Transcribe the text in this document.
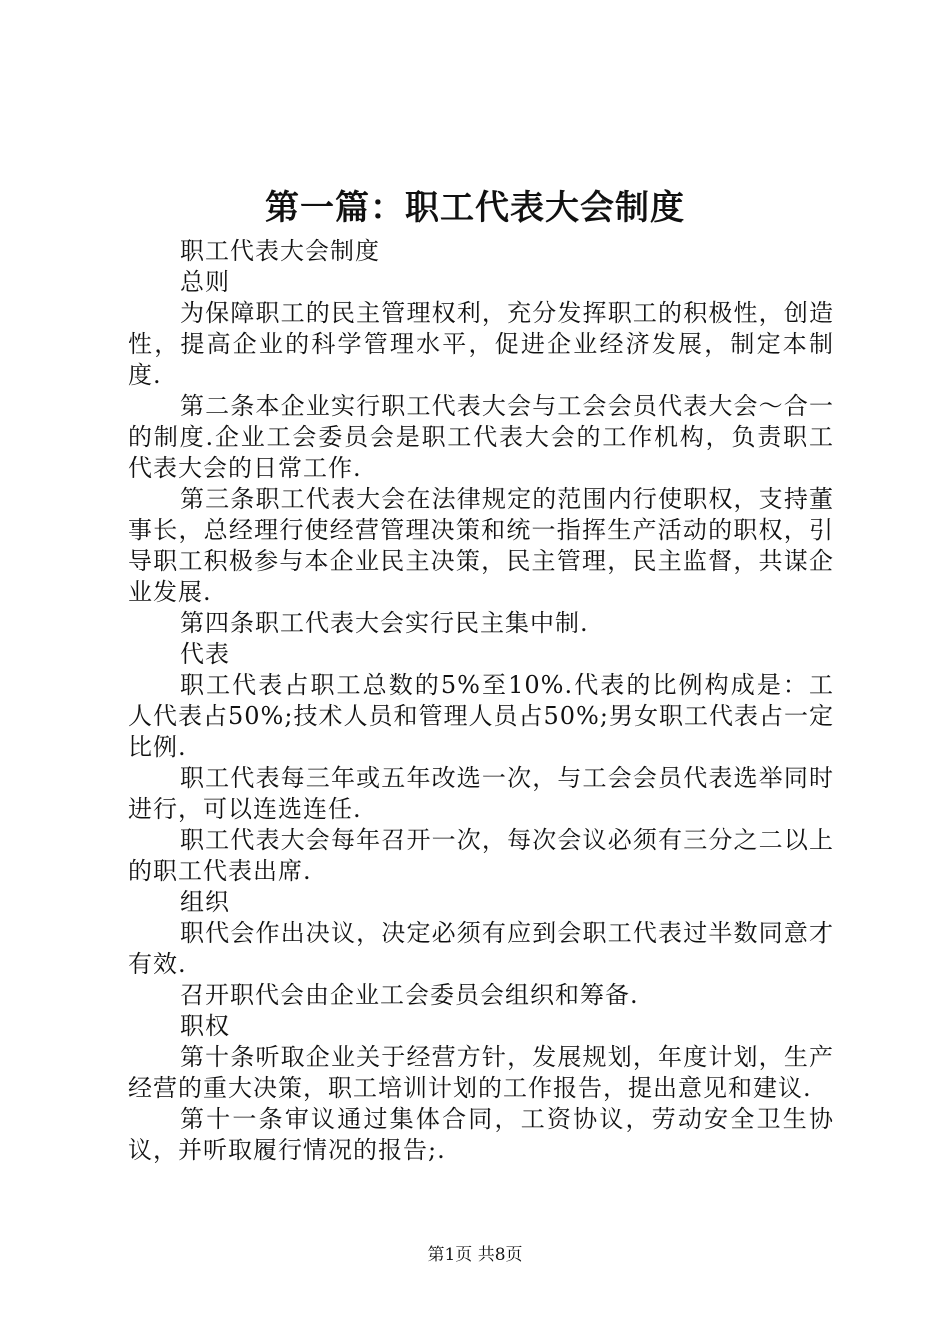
第一篇：职工代表大会制度

职工代表大会制度

总则

为保障职工的民主管理权利，充分发挥职工的积极性，创造性，提高企业的科学管理水平，促进企业经济发展，制定本制度.

第二条本企业实行职工代表大会与工会会员代表大会～合一的制度.企业工会委员会是职工代表大会的工作机构，负责职工代表大会的日常工作.

第三条职工代表大会在法律规定的范围内行使职权，支持董事长，总经理行使经营管理决策和统一指挥生产活动的职权，引导职工积极参与本企业民主决策，民主管理，民主监督，共谋企业发展.

第四条职工代表大会实行民主集中制.

代表

职工代表占职工总数的5%至10%.代表的比例构成是：工人代表占50%;技术人员和管理人员占50%;男女职工代表占一定比例.

职工代表每三年或五年改选一次，与工会会员代表选举同时进行，可以连选连任.

职工代表大会每年召开一次，每次会议必须有三分之二以上的职工代表出席.

组织

职代会作出决议，决定必须有应到会职工代表过半数同意才有效.

召开职代会由企业工会委员会组织和筹备.

职权

第十条听取企业关于经营方针，发展规划，年度计划，生产经营的重大决策，职工培训计划的工作报告，提出意见和建议.

第十一条审议通过集体合同，工资协议，劳动安全卫生协议，并听取履行情况的报告;.

第1页 共8页
